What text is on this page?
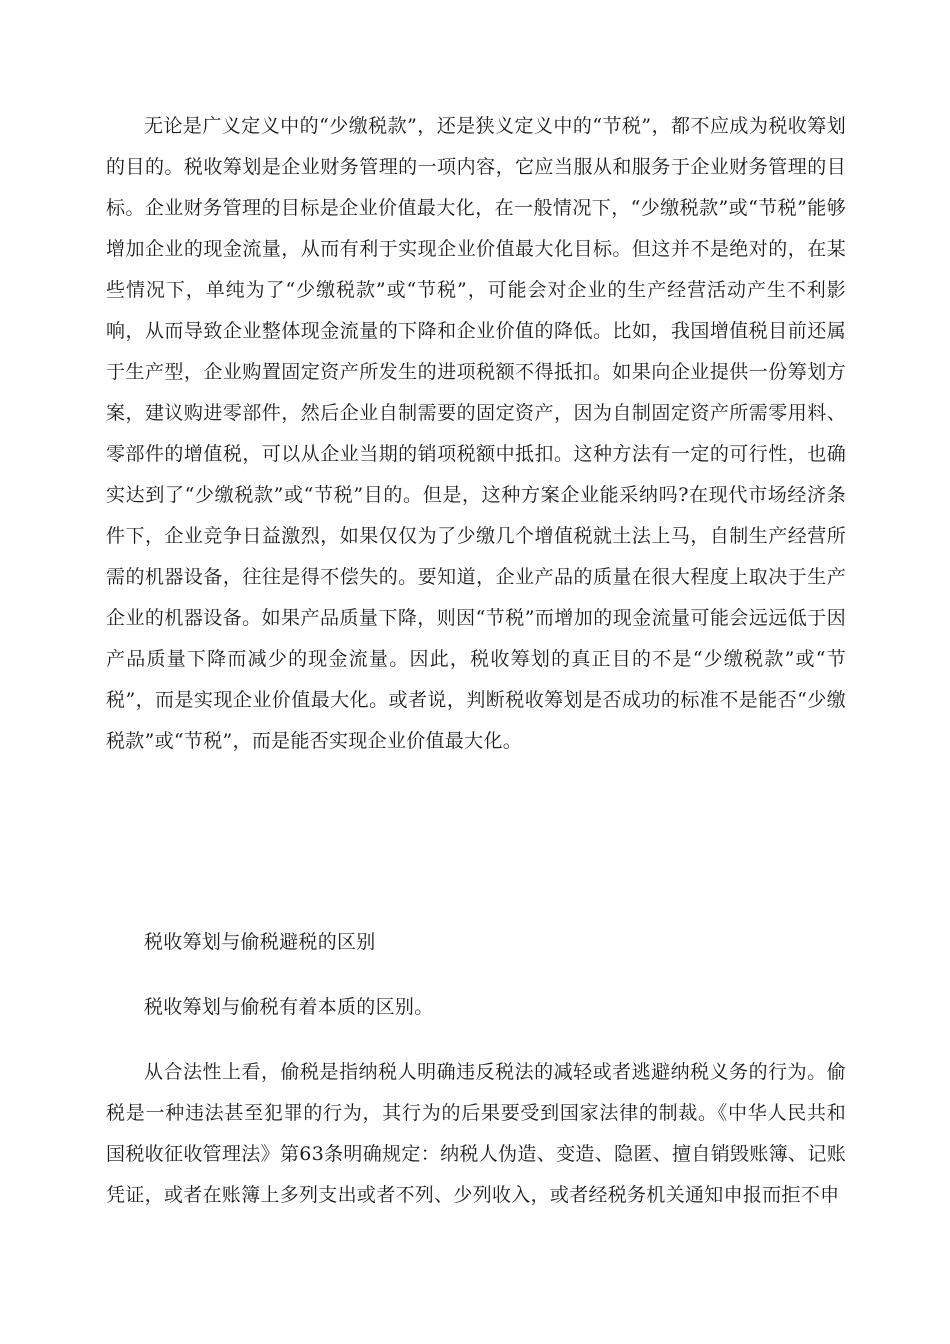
无论是广义定义中的“少缴税款”，还是狭义定义中的“节税”，都不应成为税收筹划的目的。税收筹划是企业财务管理的一项内容，它应当服从和服务于企业财务管理的目标。企业财务管理的目标是企业价值最大化，在一般情况下，“少缴税款”或“节税”能够增加企业的现金流量，从而有利于实现企业价值最大化目标。但这并不是绝对的，在某些情况下，单纯为了“少缴税款”或“节税”，可能会对企业的生产经营活动产生不利影响，从而导致企业整体现金流量的下降和企业价值的降低。比如，我国增值税目前还属于生产型，企业购置固定资产所发生的进项税额不得抵扣。如果向企业提供一份筹划方案，建议购进零部件，然后企业自制需要的固定资产，因为自制固定资产所需零用料、零部件的增值税，可以从企业当期的销项税额中抵扣。这种方法有一定的可行性，也确实达到了“少缴税款”或“节税”目的。但是，这种方案企业能采纳吗?在现代市场经济条件下，企业竞争日益激烈，如果仅仅为了少缴几个增值税就土法上马，自制生产经营所需的机器设备，往往是得不偿失的。要知道，企业产品的质量在很大程度上取决于生产企业的机器设备。如果产品质量下降，则因“节税”而增加的现金流量可能会远远低于因产品质量下降而减少的现金流量。因此，税收筹划的真正目的不是“少缴税款”或“节税”，而是实现企业价值最大化。或者说，判断税收筹划是否成功的标准不是能否“少缴税款”或“节税”，而是能否实现企业价值最大化。

税收筹划与偷税避税的区别

税收筹划与偷税有着本质的区别。

从合法性上看，偷税是指纳税人明确违反税法的减轻或者逃避纳税义务的行为。偷税是一种违法甚至犯罪的行为，其行为的后果要受到国家法律的制裁。《中华人民共和国税收征收管理法》第63条明确规定：纳税人伪造、变造、隐匿、擅自销毁账簿、记账凭证，或者在账簿上多列支出或者不列、少列收入，或者经税务机关通知申报而拒不申
